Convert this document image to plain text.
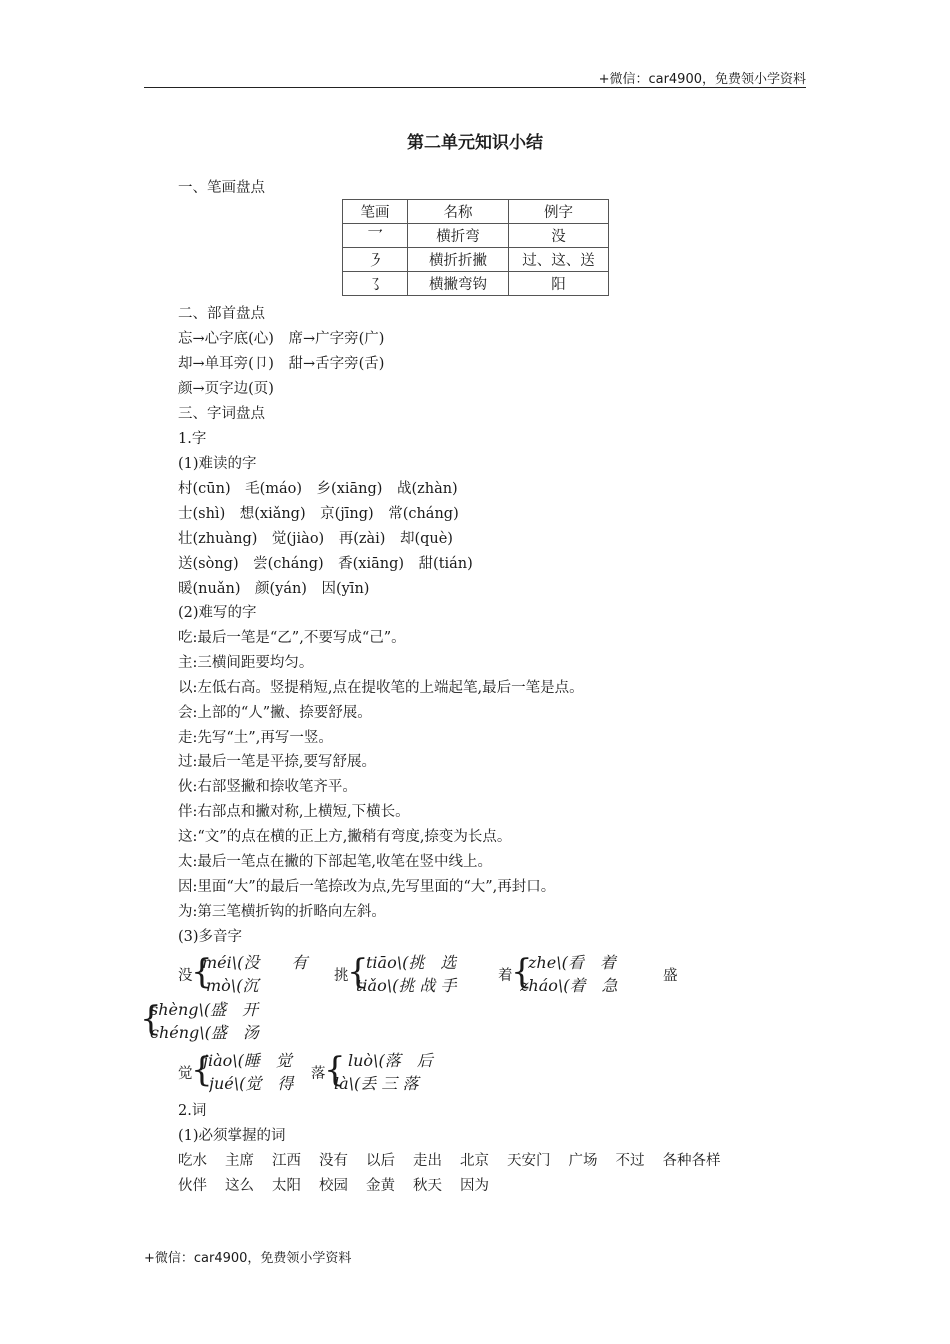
+微信：car4900，免费领小学资料
第二单元知识小结
一、笔画盘点
笔画	名称	例字
乛	横折弯	没
㇋	横折折撇	过、这、送
㇌	横撇弯钩	阳
二、部首盘点
忘→心字底(心)　席→广字旁(广)
却→单耳旁(卩)　甜→舌字旁(舌)
颜→页字边(页)
三、字词盘点
1.字
(1)难读的字
村(cūn)　毛(máo)　乡(xiāng)　战(zhàn)
士(shì)　想(xiǎng)　京(jīng)　常(cháng)
壮(zhuàng)　觉(jiào)　再(zài)　却(què)
送(sòng)　尝(cháng)　香(xiāng)　甜(tián)
暖(nuǎn)　颜(yán)　因(yīn)
(2)难写的字
吃:最后一笔是“乙”,不要写成“己”。
主:三横间距要均匀。
以:左低右高。竖提稍短,点在提收笔的上端起笔,最后一笔是点。
会:上部的“人”撇、捺要舒展。
走:先写“土”,再写一竖。
过:最后一笔是平捺,要写舒展。
伙:右部竖撇和捺收笔齐平。
伴:右部点和撇对称,上横短,下横长。
这:“文”的点在横的正上方,撇稍有弯度,捺变为长点。
太:最后一笔点在撇的下部起笔,收笔在竖中线上。
因:里面“大”的最后一笔捺改为点,先写里面的“大”,再封口。
为:第三笔横折钩的折略向左斜。
(3)多音字
没
{
méi\(没　　有
mò\(沉	挑
{
tiāo\(挑　选
tiǎo\(挑 战 手	着
{
zhe\(看　着
zháo\(着　急	盛
{
shèng\(盛　开
chéng\(盛　汤
觉
{
jiào\(睡　觉
jué\(觉　得	落
{ luò\(落　后
là\(丢 三 落
2.词
(1)必须掌握的词
吃水 主席 江西 没有 以后 走出 北京 天安门 广场 不过 各种各样
伙伴 这么 太阳 校园 金黄 秋天 因为
+微信：car4900，免费领小学资料
